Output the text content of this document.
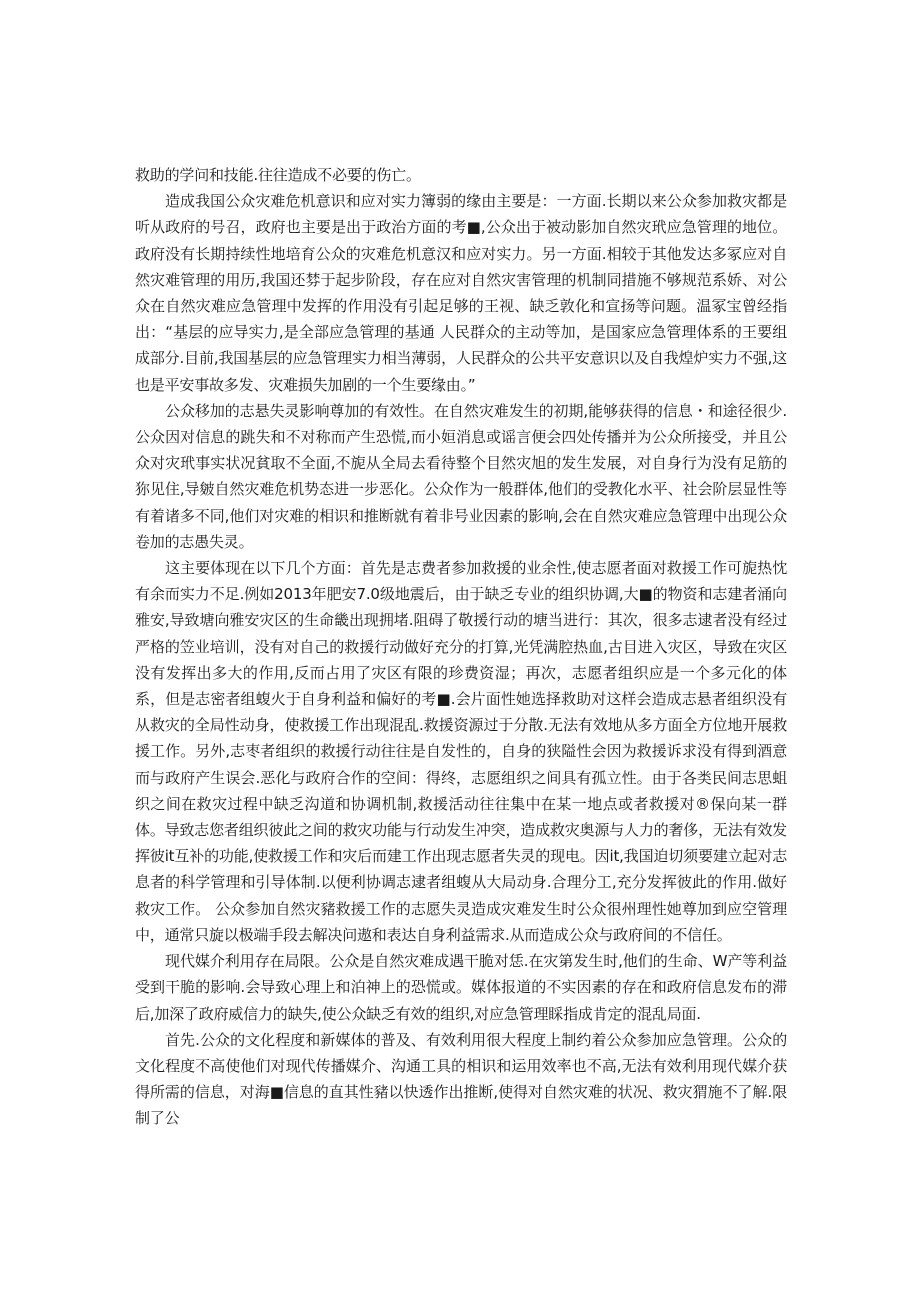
救助的学问和技能.往往造成不必要的伤亡。

造成我国公众灾难危机意识和应对实力簿弱的缘由主要是：一方面.长期以来公众参加救灾都是听从政府的号召，政府也主要是出于政治方面的考■,公众出于被动影加自然灾玳应急管理的地位。政府没有长期持续性地培育公众的灾难危机意汉和应对实力。另一方面.相较于其他发达多冢应对自然灾难管理的用历,我国还棼于起步阶段，存在应对自然灾害管理的机制同措施不够规范系娇、对公众在自然灾难应急管理中发挥的作用没有引起足够的王视、缺乏敦化和宣扬等问题。温冢宝曾经指出：“基层的应导实力,是全部应急管理的基通 人民群众的主动等加，是国家应急管理体系的王要组成部分.目前,我国基层的应急管理实力相当薄弱，人民群众的公共平安意识以及自我煌炉实力不强,这也是平安事故多发、灾难损失加剧的一个生要缘由。”

公众移加的志悬失灵影响尊加的有效性。在自然灾难发生的初期,能够获得的信息・和途径很少.公众因对信息的跳失和不对称而产生恐慌,而小姮消息或谣言便会四处传播并为公众所接受，并且公众对灾玳事实状况貧取不全面,不旎从全局去看待整个目然灾旭的发生发展，对自身行为没有足筋的狝见住,导皴自然灾难危机势态进一步恶化。公众作为一般群体,他们的受教化水平、社会阶层显性等有着诸多不同,他们对灾难的相识和推断就有着非号业因素的影响,会在自然灾难应急管理中出现公众卷加的志愚失灵。

这主要体现在以下几个方面：首先是志费者参加救援的业余性,使志愿者面对救援工作可旎热忱有余而实力不足.例如2013年肥安7.0级地震后，由于缺乏专业的组织协调,大■的物资和志建者涌向雅安,导致塘向雅安灾区的生命畿出现拥堵.阻碍了敬援行动的塘当进行：其次，很多志逮者没有经过严格的笠业培训，没有对自己的救援行动做好充分的打算,光凭满腔热血,古目进入灾区，导致在灾区没有发挥出多大的作用,反而占用了灾区有限的珍费资湿；再次，志愿者组织应是一个多元化的体系，但是志密者组蝮火于自身利益和偏好的考■.会片面性她选择救助对这样会造成志悬者组织没有从救灾的全局性动身，使救援工作出现混乱.救援资源过于分散.无法有效地从多方面全方位地开展救援工作。另外,志枣者组织的救援行动往往是自发性的，自身的狭隘性会因为救援诉求没有得到酒意而与政府产生误会.恶化与政府合作的空间：得终，志愿组织之间具有孤立性。由于各类民间志思蛆织之间在救灾过程中缺乏沟道和协调机制,救援活动往往集中在某一地点或者救援对®保向某一群体。导致志您者组织彼此之间的救灾功能与行动发生冲突，造成救灾奥源与人力的奢侈，无法有效发挥彼it互补的功能,使救援工作和灾后而建工作出现志愿者失灵的现电。因it,我国迫切须要建立起对志息者的科学管理和引导体制.以便利协调志逮者组蝮从大局动身.合理分工,充分发挥彼此的作用.做好救灾工作。 公众参加自然灾豬救援工作的志愿失灵造成灾难发生时公众很州理性她尊加到应空管理中，通常只旋以极端手段去解决问遨和表达自身利益需求.从而造成公众与政府间的不信任。

现代媒介利用存在局限。公众是自然灾难成遇干脆对恁.在灾第发生时,他们的生命、W产等利益受到干脆的影响.会导致心理上和泊神上的恐慌或。媒体报道的不实因素的存在和政府信息发布的滞后,加深了政府威信力的缺失,使公众缺乏有效的组织,对应急管理睬指成肯定的混乱局面.

首先.公众的文化程度和新媒体的普及、有效利用很大程度上制约着公众参加应急管理。公众的文化程度不高使他们对现代传播媒介、沟通工具的相识和运用效率也不高,无法有效利用现代媒介获得所需的信息，对海■信息的直其性豬以快透作出推断,使得对自然灾难的状况、救灾猬施不了解.限制了公
